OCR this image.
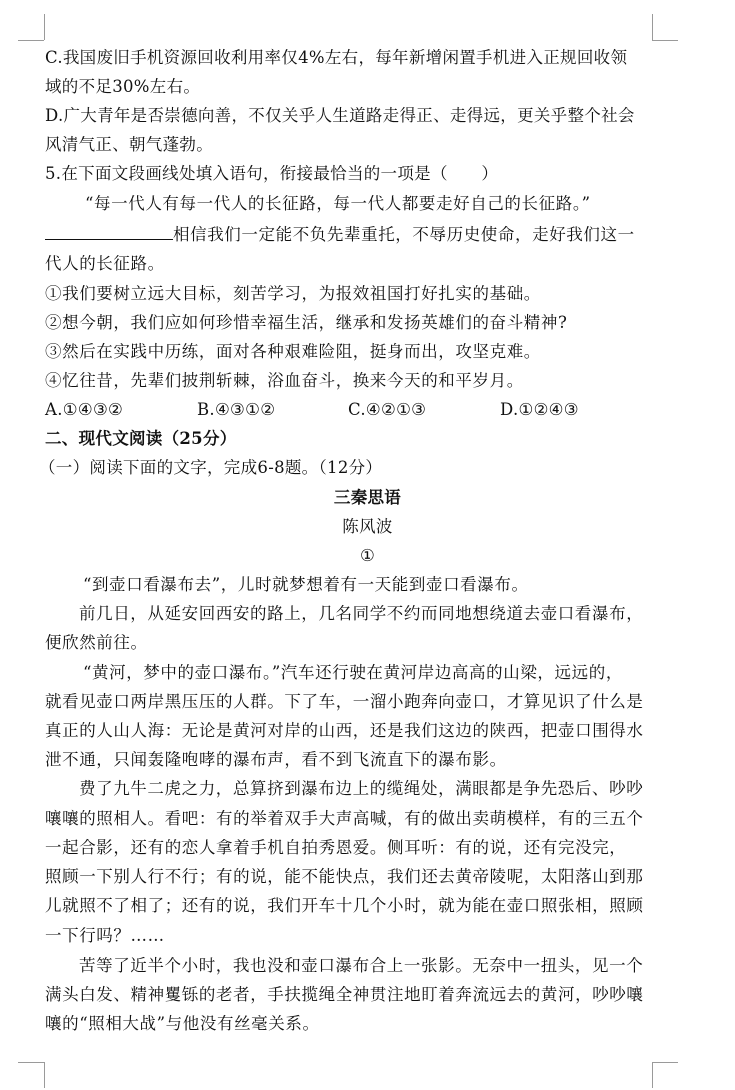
C.我国废旧手机资源回收利用率仅4%左右，每年新增闲置手机进入正规回收领
域的不足30%左右。
D.广大青年是否崇德向善，不仅关乎人生道路走得正、走得远，更关乎整个社会
风清气正、朝气蓬勃。
5.在下面文段画线处填入语句，衔接最恰当的一项是（　　）
“每一代人有每一代人的长征路，每一代人都要走好自己的长征路。”
相信我们一定能不负先辈重托，不辱历史使命，走好我们这一
代人的长征路。
①我们要树立远大目标，刻苦学习，为报效祖国打好扎实的基础。
②想今朝，我们应如何珍惜幸福生活，继承和发扬英雄们的奋斗精神?
③然后在实践中历练，面对各种艰难险阻，挺身而出，攻坚克难。
④忆往昔，先辈们披荆斩棘，浴血奋斗，换来今天的和平岁月。
A.①④③②	B.④③①②	C.④②①③	D.①②④③
二、现代文阅读（25分）
（一）阅读下面的文字，完成6-8题。（12分）
三秦思语
陈风波
①
“到壶口看瀑布去”，儿时就梦想着有一天能到壶口看瀑布。
前几日，从延安回西安的路上，几名同学不约而同地想绕道去壶口看瀑布，
便欣然前往。
“黄河，梦中的壶口瀑布。”汽车还行驶在黄河岸边高高的山梁，远远的，
就看见壶口两岸黑压压的人群。下了车，一溜小跑奔向壶口，才算见识了什么是
真正的人山人海：无论是黄河对岸的山西，还是我们这边的陕西，把壶口围得水
泄不通，只闻轰隆咆哮的瀑布声，看不到飞流直下的瀑布影。
费了九牛二虎之力，总算挤到瀑布边上的缆绳处，满眼都是争先恐后、吵吵
嚷嚷的照相人。看吧：有的举着双手大声高喊，有的做出卖萌模样，有的三五个
一起合影，还有的恋人拿着手机自拍秀恩爱。侧耳听：有的说，还有完没完，
照顾一下别人行不行；有的说，能不能快点，我们还去黄帝陵呢，太阳落山到那
儿就照不了相了；还有的说，我们开车十几个小时，就为能在壶口照张相，照顾
一下行吗？……
苦等了近半个小时，我也没和壶口瀑布合上一张影。无奈中一扭头，见一个
满头白发、精神矍铄的老者，手扶揽绳全神贯注地盯着奔流远去的黄河，吵吵嚷
嚷的“照相大战”与他没有丝毫关系。
